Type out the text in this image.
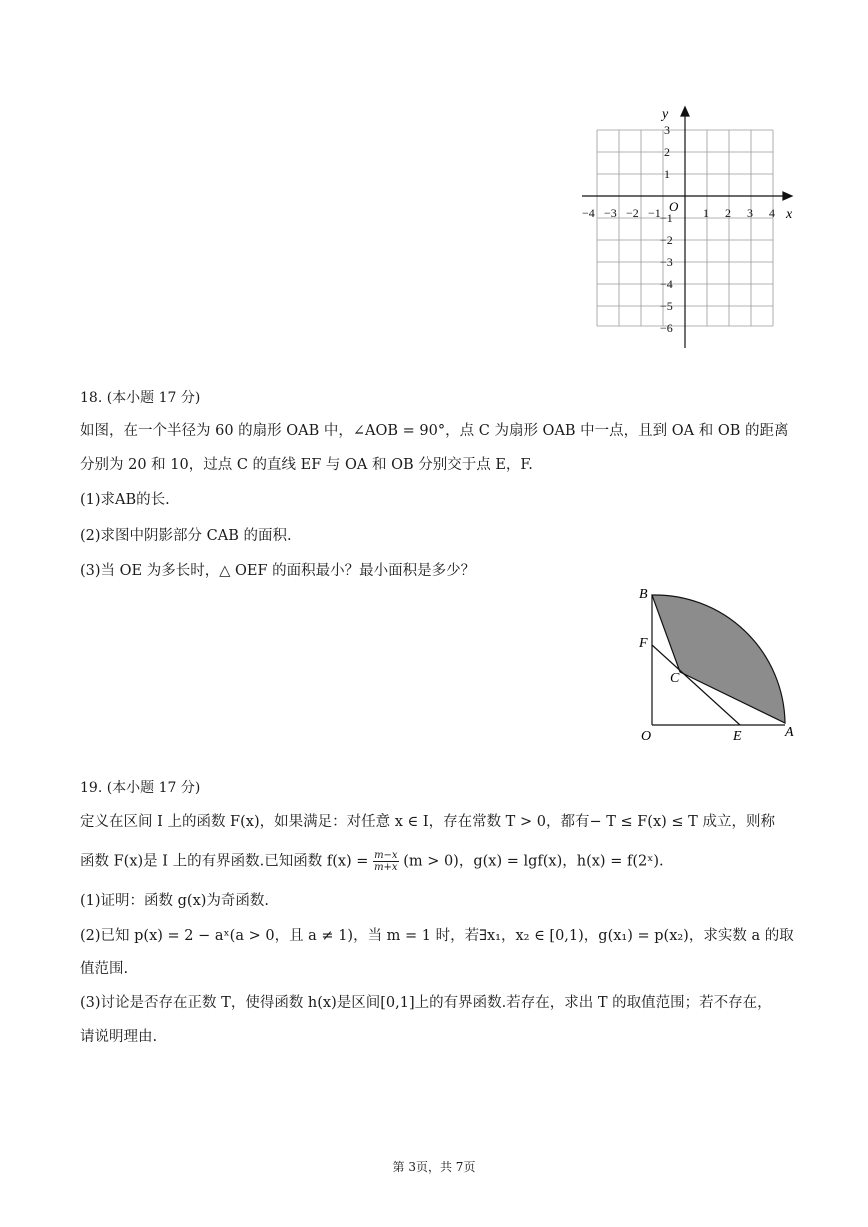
x
y
O
−4 −3 −2 −1	1 2 3 4
3
2
1
−1
−2
−3
−4
−5
−6
18. (本小题 17 分)
如图，在一个半径为 60 的扇形 OAB 中，∠AOB = 90°，点 C 为扇形 OAB 中一点，且到 OA 和 OB 的距离
分别为 20 和 10，过点 C 的直线 EF 与 OA 和 OB 分别交于点 E，F.
(1)求AB的长.
(2)求图中阴影部分 CAB 的面积.
(3)当 OE 为多长时，△ OEF 的面积最小？最小面积是多少？
B
F
C
O	E	A
19. (本小题 17 分)
定义在区间 I 上的函数 F(x)，如果满足：对任意 x ∈ I，存在常数 T > 0，都有− T ≤ F(x) ≤ T 成立，则称
函数 F(x)是 I 上的有界函数.已知函数 $f(x) = \frac{m-x}{m+x} (m > 0)$，g(x) = lgf(x)，h(x) = f(2ˣ).
(1)证明：函数 g(x)为奇函数.
(2)已知 p(x) = 2 − aˣ(a > 0，且 a ≠ 1)，当 m = 1 时，若∃x₁，x₂ ∈ [0,1)，g(x₁) = p(x₂)，求实数 a 的取
值范围.
(3)讨论是否存在正数 T，使得函数 h(x)是区间[0,1]上的有界函数.若存在，求出 T 的取值范围；若不存在，
请说明理由.
第 3页，共 7页
